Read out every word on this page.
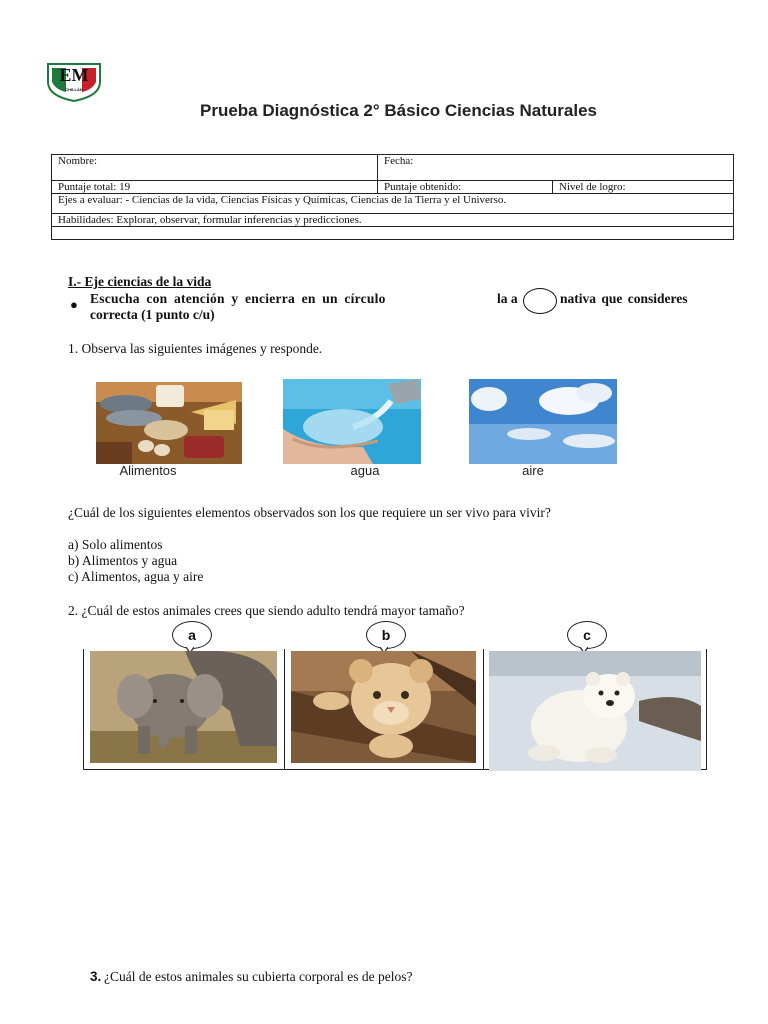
EM
CHILLÁN
Prueba Diagnóstica 2° Básico Ciencias Naturales
Nombre:	Fecha:	
Puntaje total: 19	Puntaje obtenido:	Nivel de logro:
Ejes a evaluar: - Ciencias de la vida, Ciencias Físicas y Químicas, Ciencias de la Tierra y el Universo.		
Habilidades: Explorar, observar, formular inferencias y predicciones.		

I.- Eje ciencias de la vida
● Escucha con atención y encierra en un círculo	la a	nativa que consideres
correcta (1 punto c/u)
1. Observa las siguientes imágenes y responde.
Alimentos	agua	aire
¿Cuál de los siguientes elementos observados son los que requiere un ser vivo para vivir?
a) Solo alimentos
b) Alimentos y agua
c) Alimentos, agua y aire
2. ¿Cuál de estos animales crees que siendo adulto tendrá mayor tamaño?
a	b	c
3. ¿Cuál de estos animales su cubierta corporal es de pelos?
